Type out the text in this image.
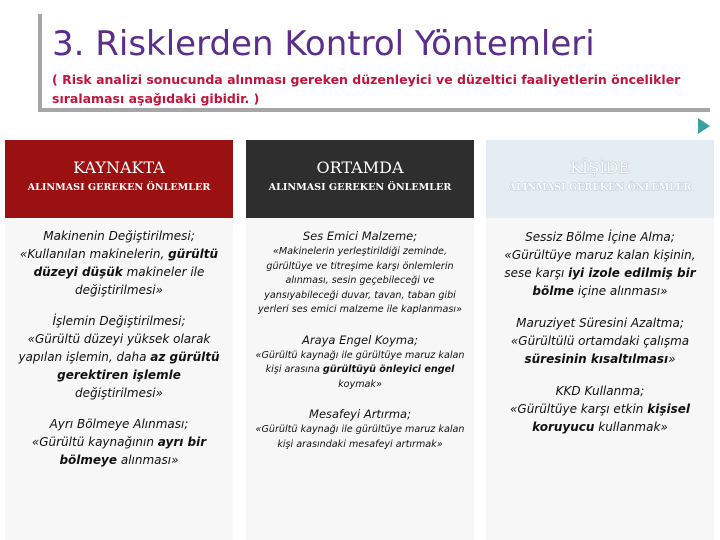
3. Risklerden Kontrol Yöntemleri
( Risk analizi sonucunda alınması gereken düzenleyici ve düzeltici faaliyetlerin öncelikler sıralaması aşağıdaki gibidir. )
KAYNAKTA
ALINMASI GEREKEN ÖNLEMLER
Makinenin Değiştirilmesi;
«Kullanılan makinelerin, gürültü düzeyi düşük makineler ile değiştirilmesi»
İşlemin Değiştirilmesi;
«Gürültü düzeyi yüksek olarak yapılan işlemin, daha az gürültü gerektiren işlemle değiştirilmesi»
Ayrı Bölmeye Alınması;
«Gürültü kaynağının ayrı bir bölmeye alınması»
ORTAMDA
ALINMASI GEREKEN ÖNLEMLER
Ses Emici Malzeme;
«Makinelerin yerleştirildiği zeminde, gürültüye ve titreşime karşı önlemlerin alınması, sesin geçebileceği ve yansıyabileceği duvar, tavan, taban gibi yerleri ses emici malzeme ile kaplanması»
Araya Engel Koyma;
«Gürültü kaynağı ile gürültüye maruz kalan kişi arasına gürültüyü önleyici engel koymak»
Mesafeyi Artırma;
«Gürültü kaynağı ile gürültüye maruz kalan kişi arasındaki mesafeyi artırmak»
KİŞİDE
ALINMASI GEREKEN ÖNLEMLER
Sessiz Bölme İçine Alma;
«Gürültüye maruz kalan kişinin, sese karşı iyi izole edilmiş bir bölme içine alınması»
Maruziyet Süresini Azaltma;
«Gürültülü ortamdaki çalışma süresinin kısaltılması»
KKD Kullanma;
«Gürültüye karşı etkin kişisel koruyucu kullanmak»
